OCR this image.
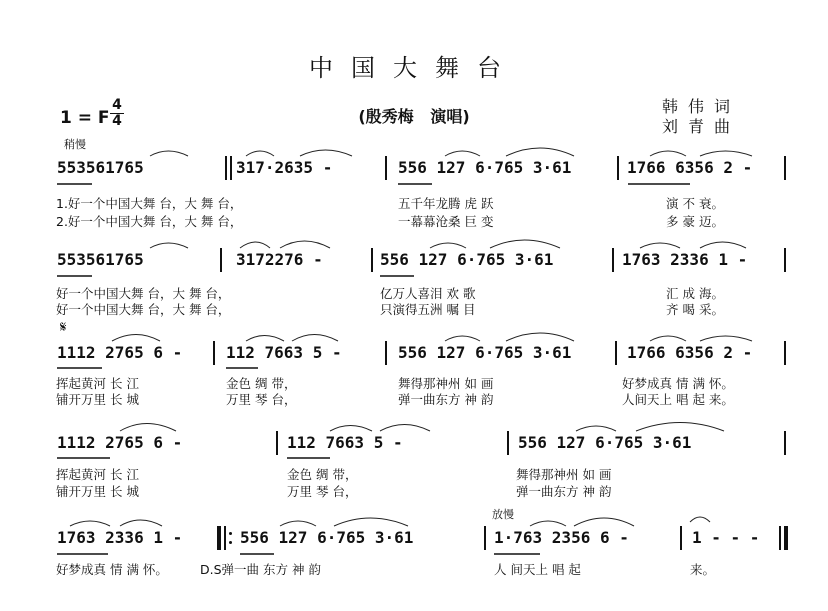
中国大舞台
1 = F $\frac{4}{4}$	(殷秀梅   演唱)
韩伟词
刘青曲
稍慢
553561765	317·2635 -	556 127 6·765 3·61	1766 6356 2 -
1.好一个中国大舞 台，大 舞 台，	五千年龙腾 虎 跃	演 不 衰。
2.好一个中国大舞 台，大 舞 台，	一幕幕沧桑 巨 变	多 豪 迈。
553561765	3172276 -	556 127 6·765 3·61	1763 2336 1 -
好一个中国大舞 台，大 舞 台，	亿万人喜泪 欢 歌	汇 成 海。
好一个中国大舞 台，大 舞 台，	只演得五洲 嘱 目	齐 喝 采。
𝄋
1112 2765 6 -	112 7663 5 -	556 127 6·765 3·61	1766 6356 2 -
挥起黄河 长 江	金色 绸 带，	舞得那神州 如 画	好梦成真 情 满 怀。
铺开万里 长 城	万里 琴 台，	弹一曲东方 神 韵	人间天上 唱 起 来。
1112 2765 6 -	112 7663 5 -	556 127 6·765 3·61
挥起黄河 长 江	金色 绸 带，	舞得那神州 如 画
铺开万里 长 城	万里 琴 台，	弹一曲东方 神 韵
放慢
1763 2336 1 -	556 127 6·765 3·61	1·763 2356 6 -	1 - - -
好梦成真 情 满 怀。	D.S弹一曲 东方 神 韵	人 间天上 唱 起	来。
